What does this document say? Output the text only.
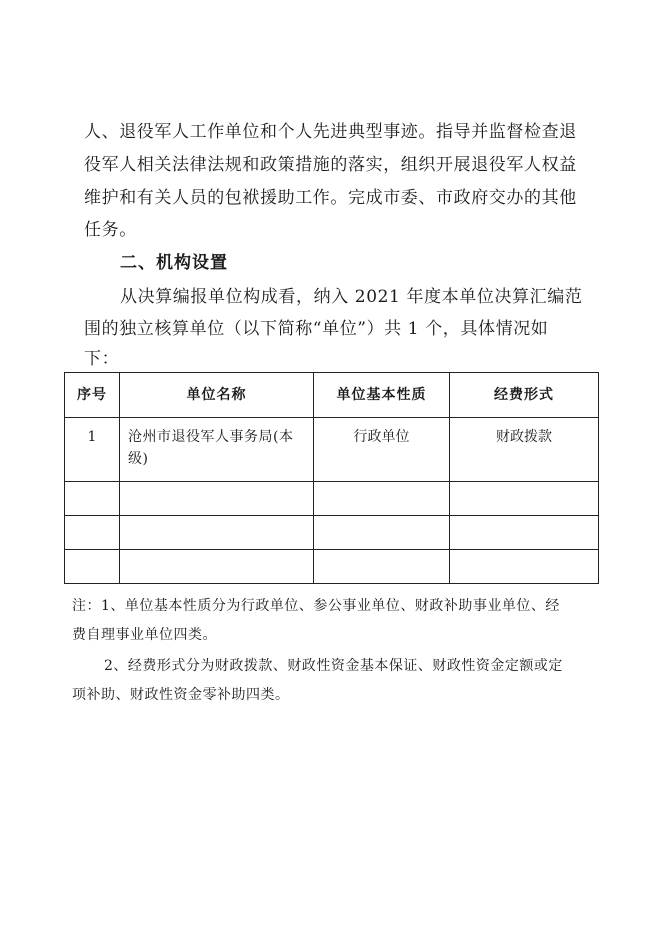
人、退役军人工作单位和个人先进典型事迹。指导并监督检查退
役军人相关法律法规和政策措施的落实，组织开展退役军人权益
维护和有关人员的包袱援助工作。完成市委、市政府交办的其他
任务。
二、机构设置
从决算编报单位构成看，纳入 2021 年度本单位决算汇编范
围的独立核算单位（以下简称“单位”）共 1 个，具体情况如
下：
序号	单位名称	单位基本性质	经费形式
1	沧州市退役军人事务局(本级)	行政单位	财政拨款

注：1、单位基本性质分为行政单位、参公事业单位、财政补助事业单位、经
费自理事业单位四类。
2、经费形式分为财政拨款、财政性资金基本保证、财政性资金定额或定
项补助、财政性资金零补助四类。
